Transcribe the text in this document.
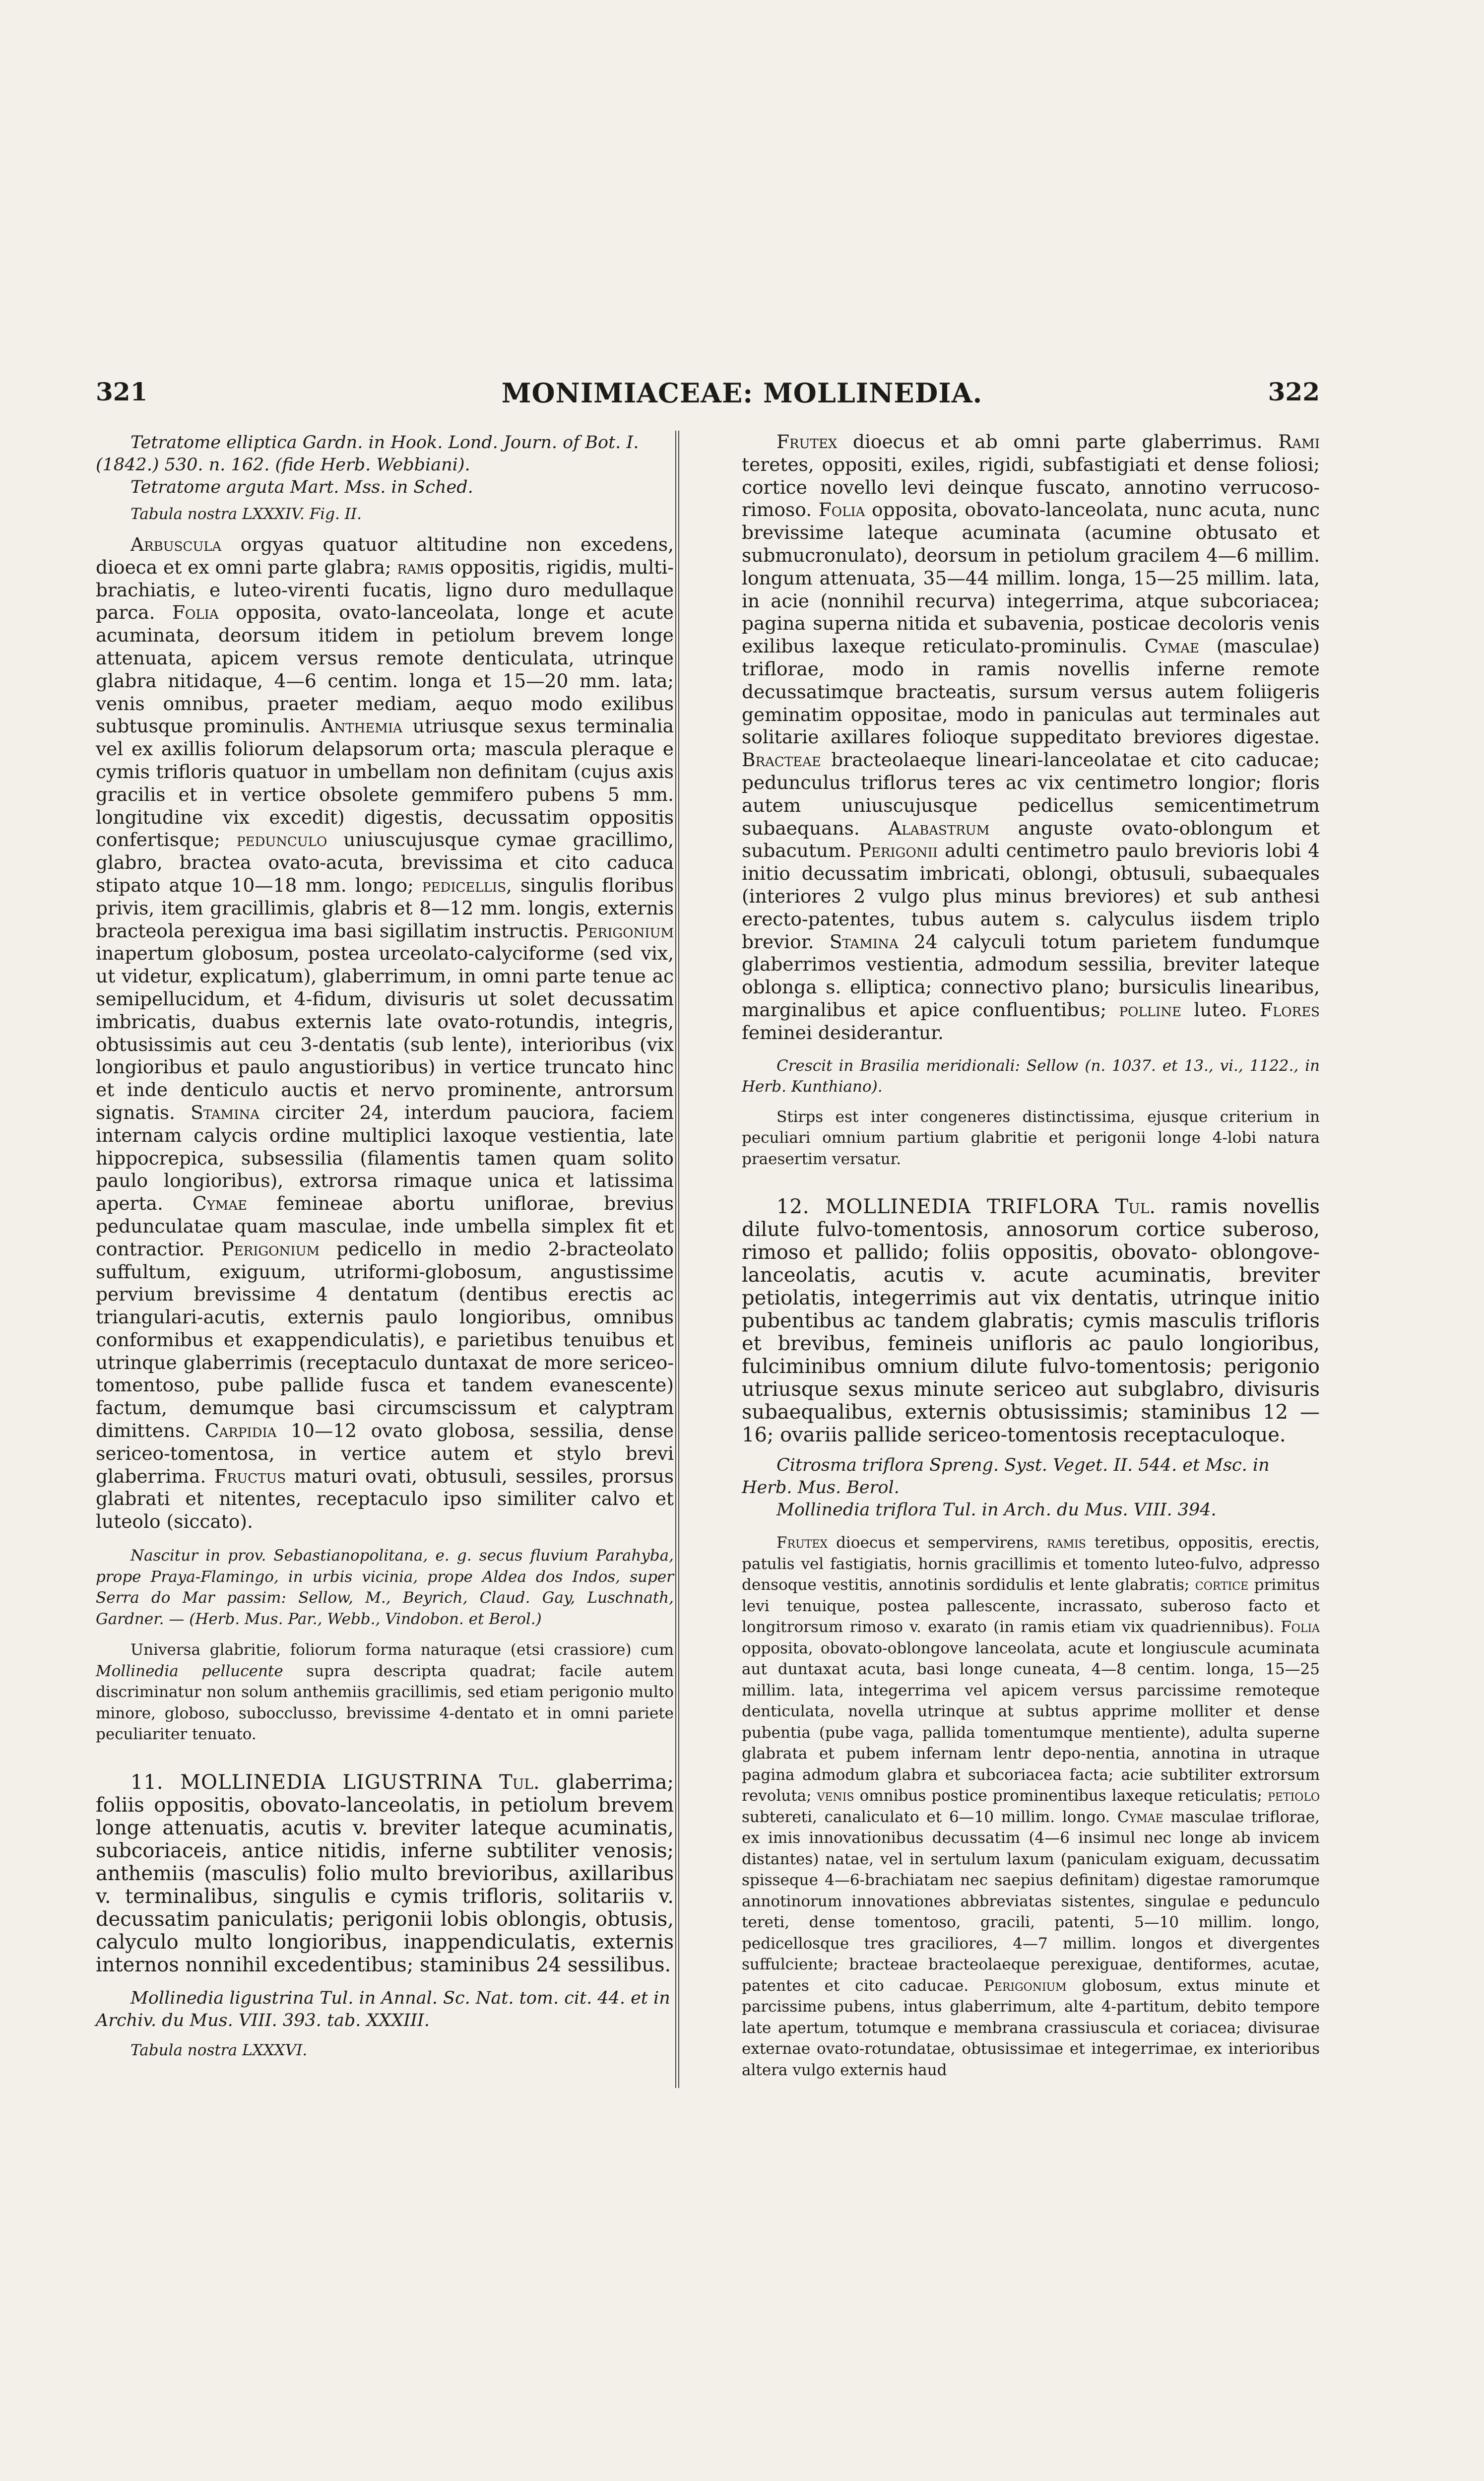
321	MONIMIACEAE: MOLLINEDIA.	322

Tetratome elliptica Gardn. in Hook. Lond. Journ. of Bot. I. (1842.) 530. n. 162. (fide Herb. Webbiani).

Tetratome arguta Mart. Mss. in Sched.

Tabula nostra LXXXIV. Fig. II.

Arbuscula orgyas quatuor altitudine non excedens, dioeca et ex omni parte glabra; ramis oppositis, rigidis, multi-brachiatis, e luteo-virenti fucatis, ligno duro medullaque parca. Folia opposita, ovato-lanceolata, longe et acute acuminata, deorsum itidem in petiolum brevem longe attenuata, apicem versus remote denticulata, utrinque glabra nitidaque, 4—6 centim. longa et 15—20 mm. lata; venis omnibus, praeter mediam, aequo modo exilibus subtusque prominulis. Anthemia utriusque sexus terminalia vel ex axillis foliorum delapsorum orta; mascula pleraque e cymis trifloris quatuor in umbellam non definitam (cujus axis gracilis et in vertice obsolete gemmifero pubens 5 mm. longitudine vix excedit) digestis, decussatim oppositis confertisque; pedunculo uniuscujusque cymae gracillimo, glabro, bractea ovato-acuta, brevissima et cito caduca stipato atque 10—18 mm. longo; pedicellis, singulis floribus privis, item gracillimis, glabris et 8—12 mm. longis, externis bracteola perexigua ima basi sigillatim instructis. Perigonium inapertum globosum, postea urceolato-calyciforme (sed vix, ut videtur, explicatum), glaberrimum, in omni parte tenue ac semipellucidum, et 4-fidum, divisuris ut solet decussatim imbricatis, duabus externis late ovato-rotundis, integris, obtusissimis aut ceu 3-dentatis (sub lente), interioribus (vix longioribus et paulo angustioribus) in vertice truncato hinc et inde denticulo auctis et nervo prominente, antrorsum signatis. Stamina circiter 24, interdum pauciora, faciem internam calycis ordine multiplici laxoque vestientia, late hippocrepica, subsessilia (filamentis tamen quam solito paulo longioribus), extrorsa rimaque unica et latissima aperta. Cymae femineae abortu uniflorae, brevius pedunculatae quam masculae, inde umbella simplex fit et contractior. Perigonium pedicello in medio 2-bracteolato suffultum, exiguum, utriformi-globosum, angustissime pervium brevissime 4 dentatum (dentibus erectis ac triangulari-acutis, externis paulo longioribus, omnibus conformibus et exappendiculatis), e parietibus tenuibus et utrinque glaberrimis (receptaculo duntaxat de more sericeo-tomentoso, pube pallide fusca et tandem evanescente) factum, demumque basi circumscissum et calyptram dimittens. Carpidia 10—12 ovato globosa, sessilia, dense sericeo-tomentosa, in vertice autem et stylo brevi glaberrima. Fructus maturi ovati, obtusuli, sessiles, prorsus glabrati et nitentes, receptaculo ipso similiter calvo et luteolo (siccato).

Nascitur in prov. Sebastianopolitana, e. g. secus fluvium Parahyba, prope Praya-Flamingo, in urbis vicinia, prope Aldea dos Indos, super Serra do Mar passim: Sellow, M., Beyrich, Claud. Gay, Luschnath, Gardner. — (Herb. Mus. Par., Webb., Vindobon. et Berol.)

Universa glabritie, foliorum forma naturaque (etsi crassiore) cum Mollinedia pellucente supra descripta quadrat; facile autem discriminatur non solum anthemiis gracillimis, sed etiam perigonio multo minore, globoso, subocclusso, brevissime 4-dentato et in omni pariete peculiariter tenuato.

11. MOLLINEDIA LIGUSTRINA Tul. glaberrima; foliis oppositis, obovato-lanceolatis, in petiolum brevem longe attenuatis, acutis v. breviter lateque acuminatis, subcoriaceis, antice nitidis, inferne subtiliter venosis; anthemiis (masculis) folio multo brevioribus, axillaribus v. terminalibus, singulis e cymis trifloris, solitariis v. decussatim paniculatis; perigonii lobis oblongis, obtusis, calyculo multo longioribus, inappendiculatis, externis internos nonnihil excedentibus; staminibus 24 sessilibus.

Mollinedia ligustrina Tul. in Annal. Sc. Nat. tom. cit. 44. et in Archiv. du Mus. VIII. 393. tab. XXXIII.

Tabula nostra LXXXVI.

Frutex dioecus et ab omni parte glaberrimus. Rami teretes, oppositi, exiles, rigidi, subfastigiati et dense foliosi; cortice novello levi deinque fuscato, annotino verrucoso-rimoso. Folia opposita, obovato-lanceolata, nunc acuta, nunc brevissime lateque acuminata (acumine obtusato et submucronulato), deorsum in petiolum gracilem 4—6 millim. longum attenuata, 35—44 millim. longa, 15—25 millim. lata, in acie (nonnihil recurva) integerrima, atque subcoriacea; pagina superna nitida et subavenia, posticae decoloris venis exilibus laxeque reticulato-prominulis. Cymae (masculae) triflorae, modo in ramis novellis inferne remote decussatimque bracteatis, sursum versus autem foliigeris geminatim oppositae, modo in paniculas aut terminales aut solitarie axillares folioque suppeditato breviores digestae. Bracteae bracteolaeque lineari-lanceolatae et cito caducae; pedunculus triflorus teres ac vix centimetro longior; floris autem uniuscujusque pedicellus semicentimetrum subaequans. Alabastrum anguste ovato-oblongum et subacutum. Perigonii adulti centimetro paulo brevioris lobi 4 initio decussatim imbricati, oblongi, obtusuli, subaequales (interiores 2 vulgo plus minus breviores) et sub anthesi erecto-patentes, tubus autem s. calyculus iisdem triplo brevior. Stamina 24 calyculi totum parietem fundumque glaberrimos vestientia, admodum sessilia, breviter lateque oblonga s. elliptica; connectivo plano; bursiculis linearibus, marginalibus et apice confluentibus; polline luteo. Flores feminei desiderantur.

Crescit in Brasilia meridionali: Sellow (n. 1037. et 13., vi., 1122., in Herb. Kunthiano).

Stirps est inter congeneres distinctissima, ejusque criterium in peculiari omnium partium glabritie et perigonii longe 4-lobi natura praesertim versatur.

12. MOLLINEDIA TRIFLORA Tul. ramis novellis dilute fulvo-tomentosis, annosorum cortice suberoso, rimoso et pallido; foliis oppositis, obovato- oblongove-lanceolatis, acutis v. acute acuminatis, breviter petiolatis, integerrimis aut vix dentatis, utrinque initio pubentibus ac tandem glabratis; cymis masculis trifloris et brevibus, femineis unifloris ac paulo longioribus, fulciminibus omnium dilute fulvo-tomentosis; perigonio utriusque sexus minute sericeo aut subglabro, divisuris subaequalibus, externis obtusissimis; staminibus 12 — 16; ovariis pallide sericeo-tomentosis receptaculoque.

Citrosma triflora Spreng. Syst. Veget. II. 544. et Msc. in Herb. Mus. Berol.

Mollinedia triflora Tul. in Arch. du Mus. VIII. 394.

Frutex dioecus et sempervirens, ramis teretibus, oppositis, erectis, patulis vel fastigiatis, hornis gracillimis et tomento luteo-fulvo, adpresso densoque vestitis, annotinis sordidulis et lente glabratis; cortice primitus levi tenuique, postea pallescente, incrassato, suberoso facto et longitrorsum rimoso v. exarato (in ramis etiam vix quadriennibus). Folia opposita, obovato-oblongove lanceolata, acute et longiuscule acuminata aut duntaxat acuta, basi longe cuneata, 4—8 centim. longa, 15—25 millim. lata, integerrima vel apicem versus parcissime remoteque denticulata, novella utrinque at subtus apprime molliter et dense pubentia (pube vaga, pallida tomentumque mentiente), adulta superne glabrata et pubem infernam lentr depo-nentia, annotina in utraque pagina admodum glabra et subcoriacea facta; acie subtiliter extrorsum revoluta; venis omnibus postice prominentibus laxeque reticulatis; petiolo subtereti, canaliculato et 6—10 millim. longo. Cymae masculae triflorae, ex imis innovationibus decussatim (4—6 insimul nec longe ab invicem distantes) natae, vel in sertulum laxum (paniculam exiguam, decussatim spisseque 4—6-brachiatam nec saepius definitam) digestae ramorumque annotinorum innovationes abbreviatas sistentes, singulae e pedunculo tereti, dense tomentoso, gracili, patenti, 5—10 millim. longo, pedicellosque tres graciliores, 4—7 millim. longos et divergentes suffulciente; bracteae bracteolaeque perexiguae, dentiformes, acutae, patentes et cito caducae. Perigonium globosum, extus minute et parcissime pubens, intus glaberrimum, alte 4-partitum, debito tempore late apertum, totumque e membrana crassiuscula et coriacea; divisurae externae ovato-rotundatae, obtusissimae et integerrimae, ex interioribus altera vulgo externis haud
